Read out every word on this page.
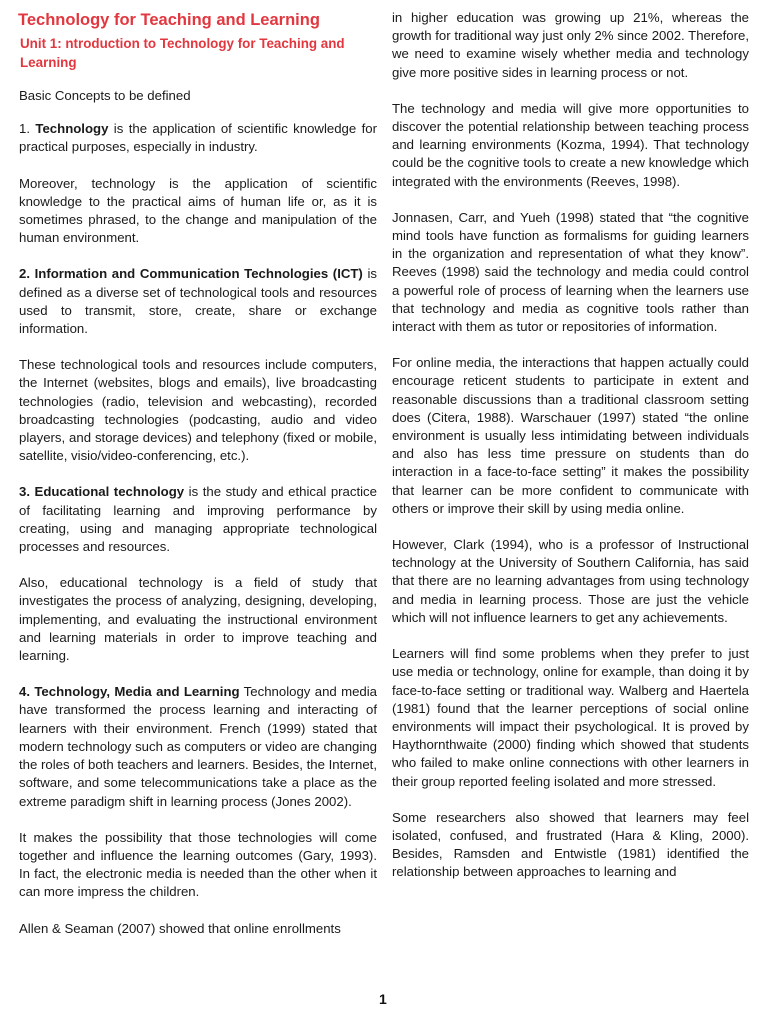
Technology for Teaching and Learning
Unit 1: ntroduction to Technology for Teaching and Learning

Basic Concepts to be defined

1. Technology is the application of scientific knowledge for practical purposes, especially in industry.

Moreover, technology is the application of scientific knowledge to the practical aims of human life or, as it is sometimes phrased, to the change and manipulation of the human environment.

2. Information and Communication Technologies (ICT) is defined as a diverse set of technological tools and resources used to transmit, store, create, share or exchange information.

These technological tools and resources include computers, the Internet (websites, blogs and emails), live broadcasting technologies (radio, television and webcasting), recorded broadcasting technologies (podcasting, audio and video players, and storage devices) and telephony (fixed or mobile, satellite, visio/video-conferencing, etc.).

3. Educational technology is the study and ethical practice of facilitating learning and improving performance by creating, using and managing appropriate technological processes and resources.

Also, educational technology is a field of study that investigates the process of analyzing, designing, developing, implementing, and evaluating the instructional environment and learning materials in order to improve teaching and learning.

4. Technology, Media and Learning Technology and media have transformed the process learning and interacting of learners with their environment. French (1999) stated that modern technology such as computers or video are changing the roles of both teachers and learners. Besides, the Internet, software, and some telecommunications take a place as the extreme paradigm shift in learning process (Jones 2002).

It makes the possibility that those technologies will come together and influence the learning outcomes (Gary, 1993). In fact, the electronic media is needed than the other when it can more impress the children.

Allen & Seaman (2007) showed that online enrollments

in higher education was growing up 21%, whereas the growth for traditional way just only 2% since 2002. Therefore, we need to examine wisely whether media and technology give more positive sides in learning process or not.

The technology and media will give more opportunities to discover the potential relationship between teaching process and learning environments (Kozma, 1994). That technology could be the cognitive tools to create a new knowledge which integrated with the environments (Reeves, 1998).

Jonnasen, Carr, and Yueh (1998) stated that “the cognitive mind tools have function as formalisms for guiding learners in the organization and representation of what they know”. Reeves (1998) said the technology and media could control a powerful role of process of learning when the learners use that technology and media as cognitive tools rather than interact with them as tutor or repositories of information.

For online media, the interactions that happen actually could encourage reticent students to participate in extent and reasonable discussions than a traditional classroom setting does (Citera, 1988). Warschauer (1997) stated “the online environment is usually less intimidating between individuals and also has less time pressure on students than do interaction in a face-to-face setting” it makes the possibility that learner can be more confident to communicate with others or improve their skill by using media online.

However, Clark (1994), who is a professor of Instructional technology at the University of Southern California, has said that there are no learning advantages from using technology and media in learning process. Those are just the vehicle which will not influence learners to get any achievements.

Learners will find some problems when they prefer to just use media or technology, online for example, than doing it by face-to-face setting or traditional way. Walberg and Haertela (1981) found that the learner perceptions of social online environments will impact their psychological. It is proved by Haythornthwaite (2000) finding which showed that students who failed to make online connections with other learners in their group reported feeling isolated and more stressed.

Some researchers also showed that learners may feel isolated, confused, and frustrated (Hara & Kling, 2000). Besides, Ramsden and Entwistle (1981) identified the relationship between approaches to learning and

1
